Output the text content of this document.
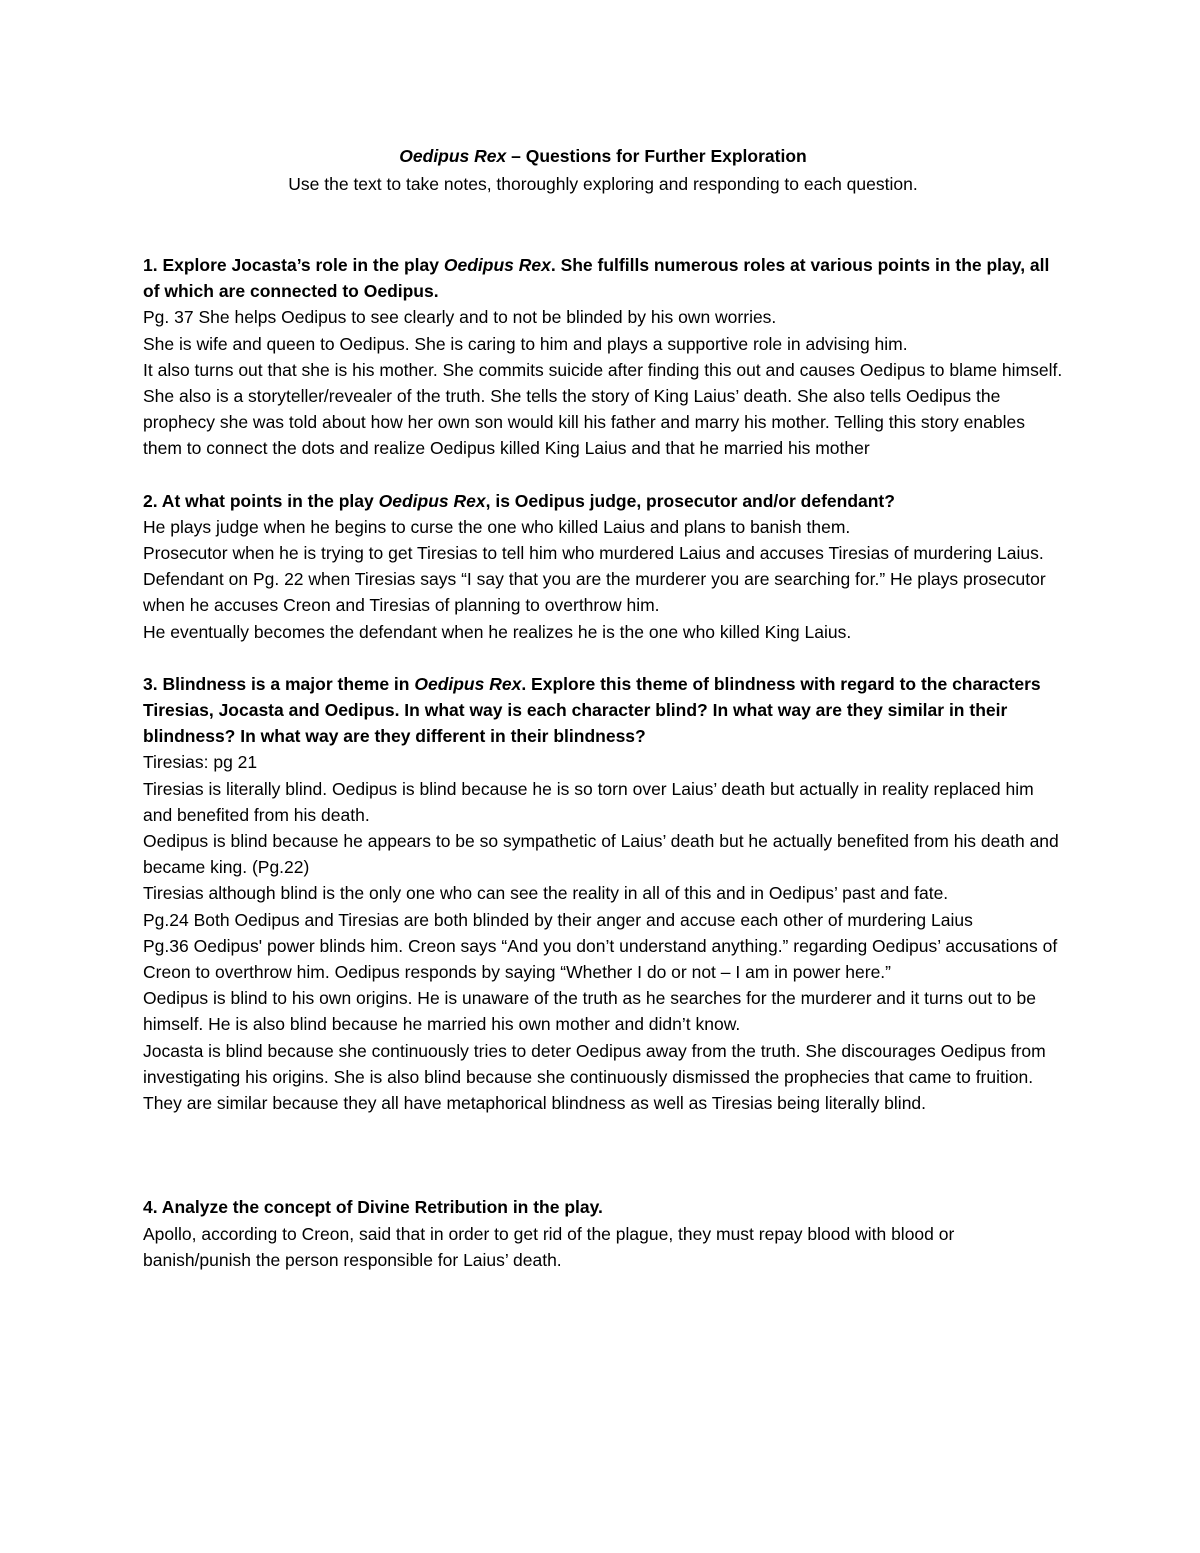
Oedipus Rex – Questions for Further Exploration

Use the text to take notes, thoroughly exploring and responding to each question.

1. Explore Jocasta’s role in the play Oedipus Rex. She fulfills numerous roles at various points in the play, all of which are connected to Oedipus.

Pg. 37 She helps Oedipus to see clearly and to not be blinded by his own worries.

She is wife and queen to Oedipus. She is caring to him and plays a supportive role in advising him.

It also turns out that she is his mother. She commits suicide after finding this out and causes Oedipus to blame himself.

She also is a storyteller/revealer of the truth. She tells the story of King Laius’ death. She also tells Oedipus the prophecy she was told about how her own son would kill his father and marry his mother. Telling this story enables them to connect the dots and realize Oedipus killed King Laius and that he married his mother

2. At what points in the play Oedipus Rex, is Oedipus judge, prosecutor and/or defendant?

He plays judge when he begins to curse the one who killed Laius and plans to banish them.

Prosecutor when he is trying to get Tiresias to tell him who murdered Laius and accuses Tiresias of murdering Laius. Defendant on Pg. 22 when Tiresias says “I say that you are the murderer you are searching for.” He plays prosecutor when he accuses Creon and Tiresias of planning to overthrow him.

He eventually becomes the defendant when he realizes he is the one who killed King Laius.

3. Blindness is a major theme in Oedipus Rex. Explore this theme of blindness with regard to the characters Tiresias, Jocasta and Oedipus. In what way is each character blind? In what way are they similar in their blindness? In what way are they different in their blindness?

Tiresias: pg 21

Tiresias is literally blind. Oedipus is blind because he is so torn over Laius’ death but actually in reality replaced him and benefited from his death.

Oedipus is blind because he appears to be so sympathetic of Laius’ death but he actually benefited from his death and became king. (Pg.22)

Tiresias although blind is the only one who can see the reality in all of this and in Oedipus’ past and fate.

Pg.24 Both Oedipus and Tiresias are both blinded by their anger and accuse each other of murdering Laius

Pg.36 Oedipus' power blinds him. Creon says “And you don’t understand anything.” regarding Oedipus’ accusations of Creon to overthrow him. Oedipus responds by saying “Whether I do or not – I am in power here.”

Oedipus is blind to his own origins. He is unaware of the truth as he searches for the murderer and it turns out to be himself. He is also blind because he married his own mother and didn’t know.

Jocasta is blind because she continuously tries to deter Oedipus away from the truth. She discourages Oedipus from investigating his origins. She is also blind because she continuously dismissed the prophecies that came to fruition.

They are similar because they all have metaphorical blindness as well as Tiresias being literally blind.

4. Analyze the concept of Divine Retribution in the play.

Apollo, according to Creon, said that in order to get rid of the plague, they must repay blood with blood or banish/punish the person responsible for Laius’ death.
